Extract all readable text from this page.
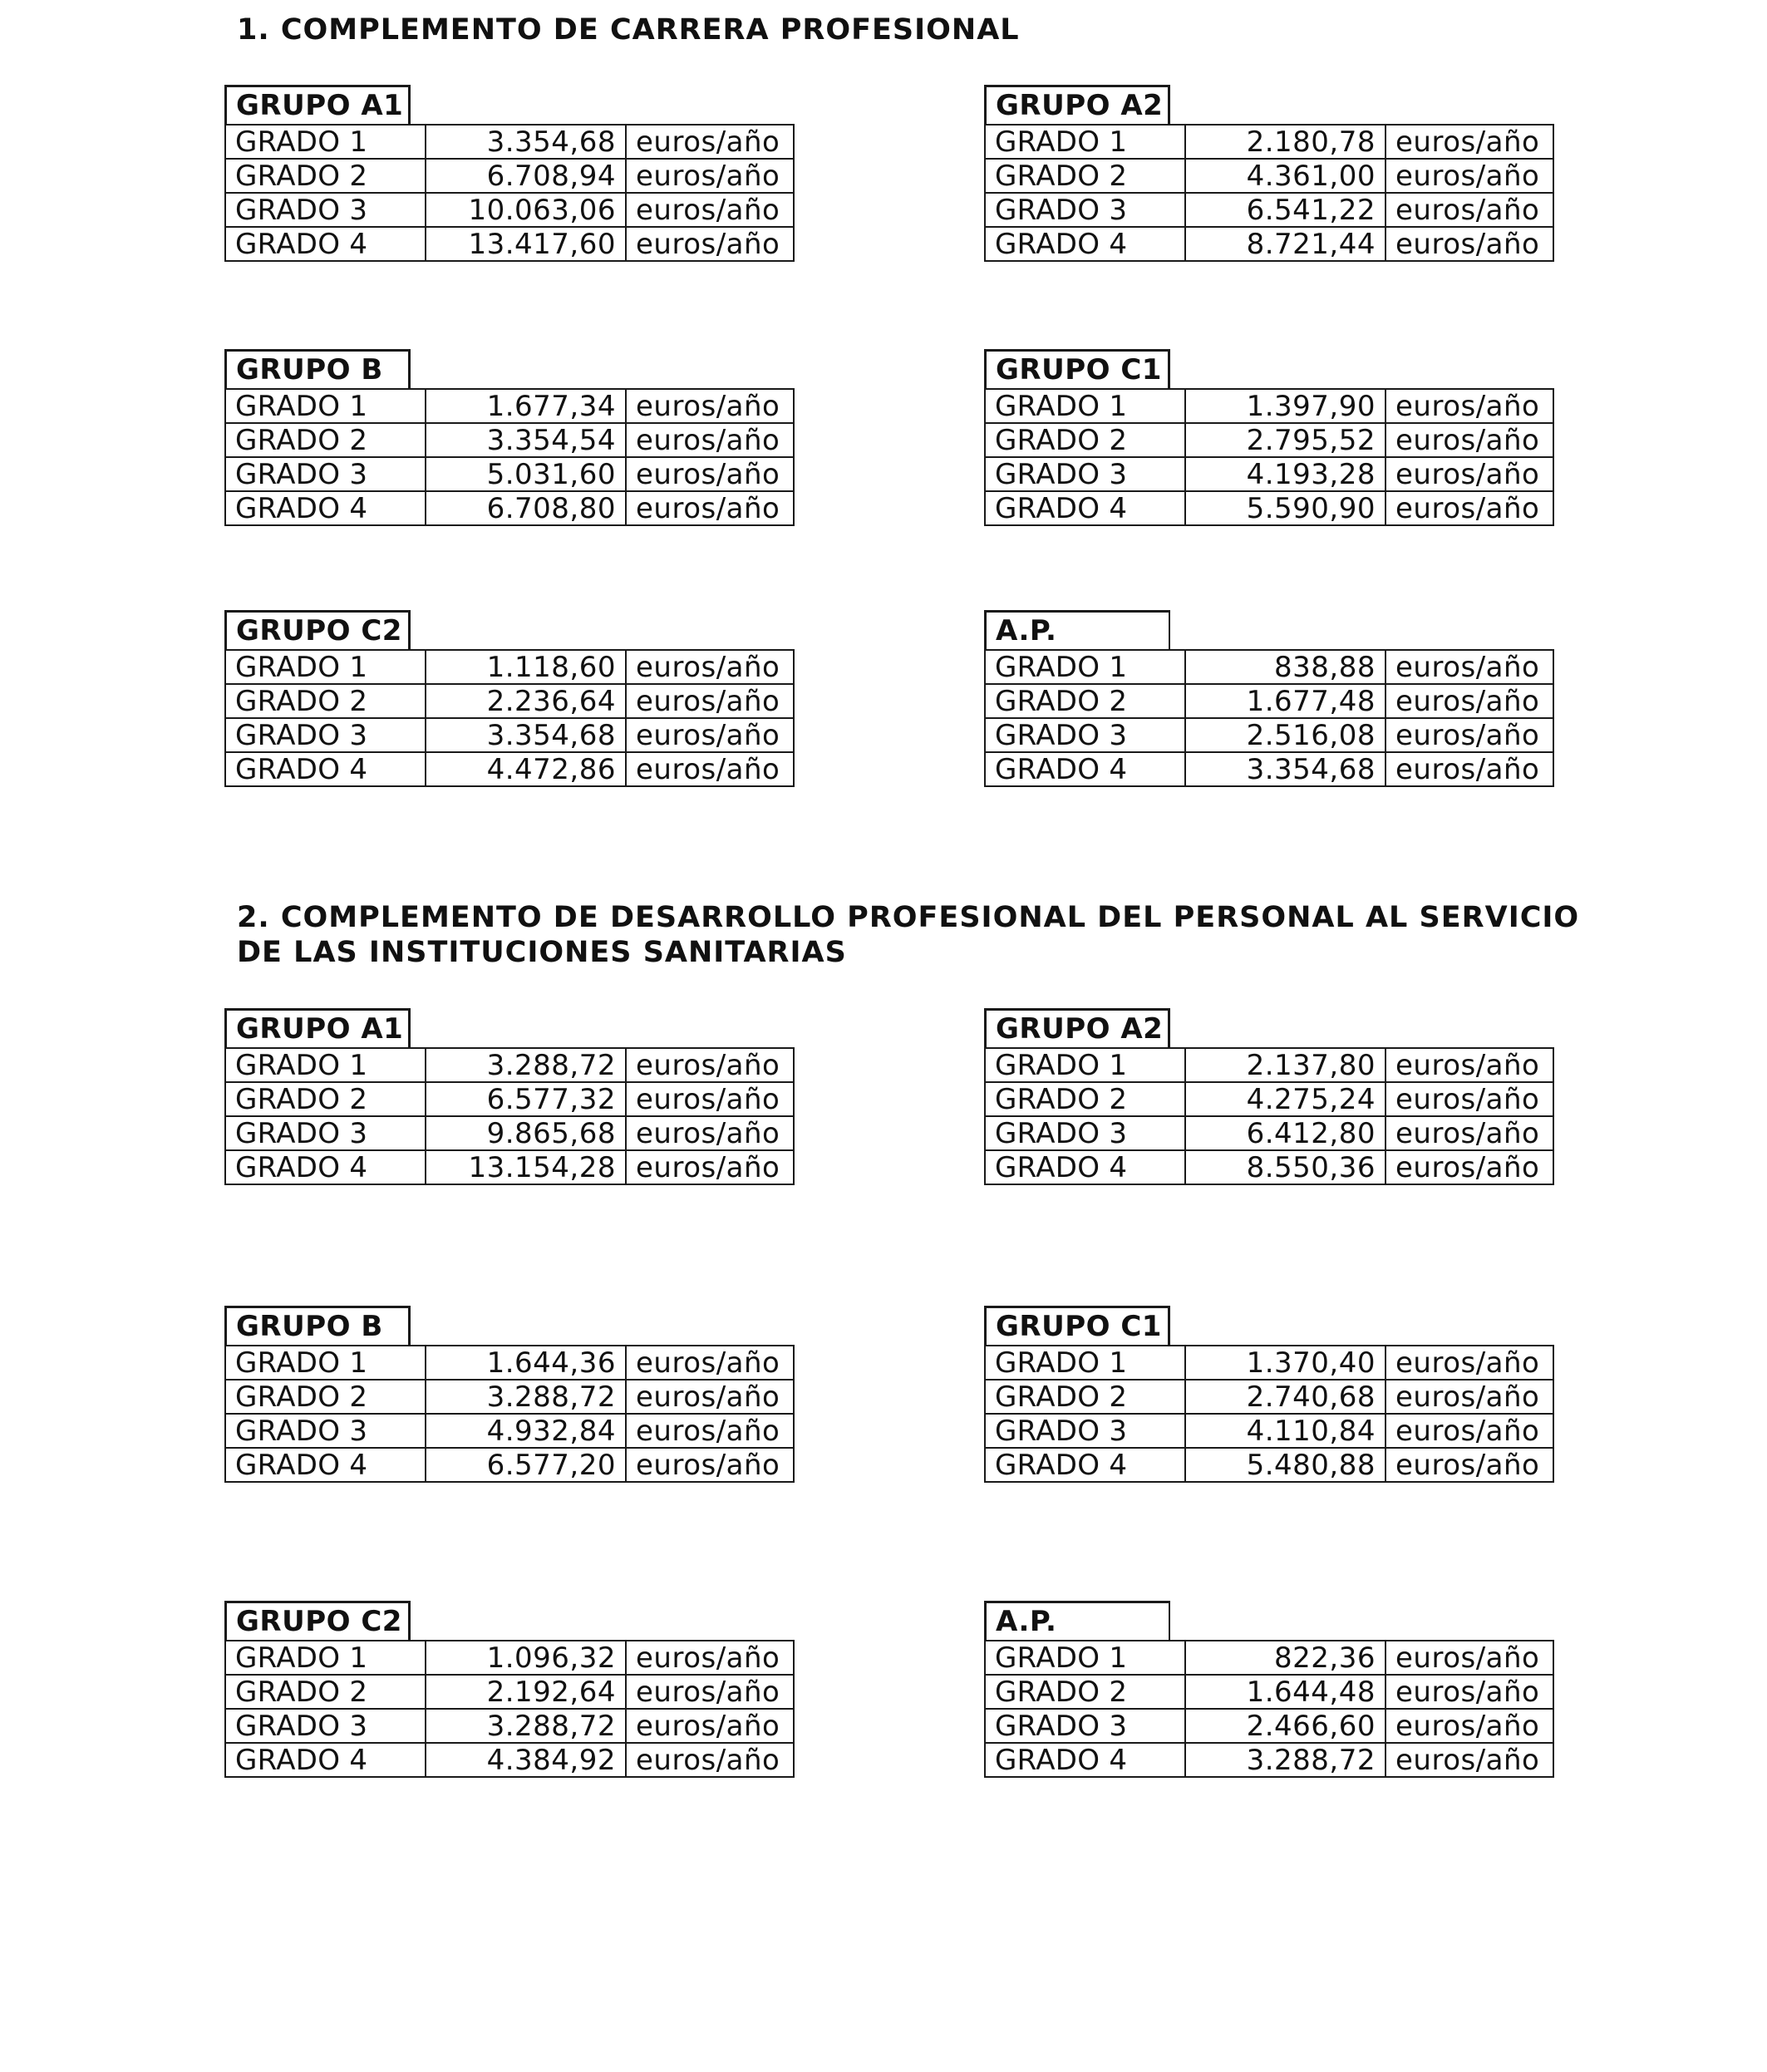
1. COMPLEMENTO DE CARRERA PROFESIONAL
2. COMPLEMENTO DE DESARROLLO PROFESIONAL DEL PERSONAL AL SERVICIO
DE LAS INSTITUCIONES SANITARIAS
GRUPO A1
GRADO 1	3.354,68	euros/año
GRADO 2	6.708,94	euros/año
GRADO 3	10.063,06	euros/año
GRADO 4	13.417,60	euros/año
GRUPO A2
GRADO 1	2.180,78	euros/año
GRADO 2	4.361,00	euros/año
GRADO 3	6.541,22	euros/año
GRADO 4	8.721,44	euros/año
GRUPO B
GRADO 1	1.677,34	euros/año
GRADO 2	3.354,54	euros/año
GRADO 3	5.031,60	euros/año
GRADO 4	6.708,80	euros/año
GRUPO C1
GRADO 1	1.397,90	euros/año
GRADO 2	2.795,52	euros/año
GRADO 3	4.193,28	euros/año
GRADO 4	5.590,90	euros/año
GRUPO C2
GRADO 1	1.118,60	euros/año
GRADO 2	2.236,64	euros/año
GRADO 3	3.354,68	euros/año
GRADO 4	4.472,86	euros/año
A.P.
GRADO 1	838,88	euros/año
GRADO 2	1.677,48	euros/año
GRADO 3	2.516,08	euros/año
GRADO 4	3.354,68	euros/año
GRUPO A1
GRADO 1	3.288,72	euros/año
GRADO 2	6.577,32	euros/año
GRADO 3	9.865,68	euros/año
GRADO 4	13.154,28	euros/año
GRUPO A2
GRADO 1	2.137,80	euros/año
GRADO 2	4.275,24	euros/año
GRADO 3	6.412,80	euros/año
GRADO 4	8.550,36	euros/año
GRUPO B
GRADO 1	1.644,36	euros/año
GRADO 2	3.288,72	euros/año
GRADO 3	4.932,84	euros/año
GRADO 4	6.577,20	euros/año
GRUPO C1
GRADO 1	1.370,40	euros/año
GRADO 2	2.740,68	euros/año
GRADO 3	4.110,84	euros/año
GRADO 4	5.480,88	euros/año
GRUPO C2
GRADO 1	1.096,32	euros/año
GRADO 2	2.192,64	euros/año
GRADO 3	3.288,72	euros/año
GRADO 4	4.384,92	euros/año
A.P.
GRADO 1	822,36	euros/año
GRADO 2	1.644,48	euros/año
GRADO 3	2.466,60	euros/año
GRADO 4	3.288,72	euros/año
